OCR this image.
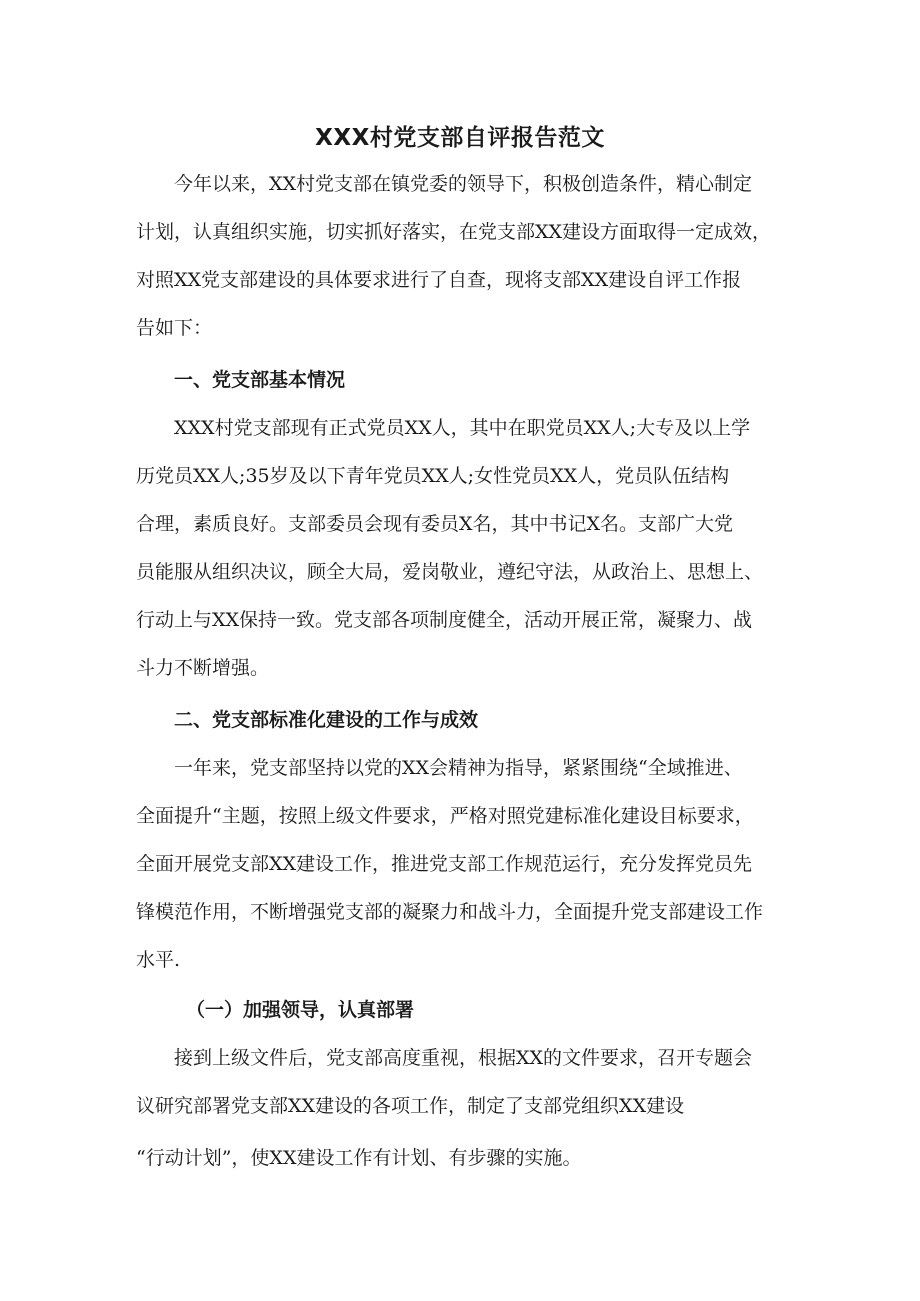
XXX村党支部自评报告范文

今年以来，XX村党支部在镇党委的领导下，积极创造条件，精心制定
计划，认真组织实施，切实抓好落实，在党支部XX建设方面取得一定成效，
对照XX党支部建设的具体要求进行了自查，现将支部XX建设自评工作报
告如下：

一、党支部基本情况

XXX村党支部现有正式党员XX人，其中在职党员XX人;大专及以上学
历党员XX人;35岁及以下青年党员XX人;女性党员XX人，党员队伍结构
合理，素质良好。支部委员会现有委员X名，其中书记X名。支部广大党
员能服从组织决议，顾全大局，爱岗敬业，遵纪守法，从政治上、思想上、
行动上与XX保持一致。党支部各项制度健全，活动开展正常，凝聚力、战
斗力不断增强。

二、党支部标准化建设的工作与成效

一年来，党支部坚持以党的XX会精神为指导，紧紧围绕“全域推进、
全面提升“主题，按照上级文件要求，严格对照党建标准化建设目标要求，
全面开展党支部XX建设工作，推进党支部工作规范运行，充分发挥党员先
锋模范作用，不断增强党支部的凝聚力和战斗力，全面提升党支部建设工作
水平.

（一）加强领导，认真部署

接到上级文件后，党支部高度重视，根据XX的文件要求，召开专题会
议研究部署党支部XX建设的各项工作，制定了支部党组织XX建设
“行动计划”，使XX建设工作有计划、有步骤的实施。
